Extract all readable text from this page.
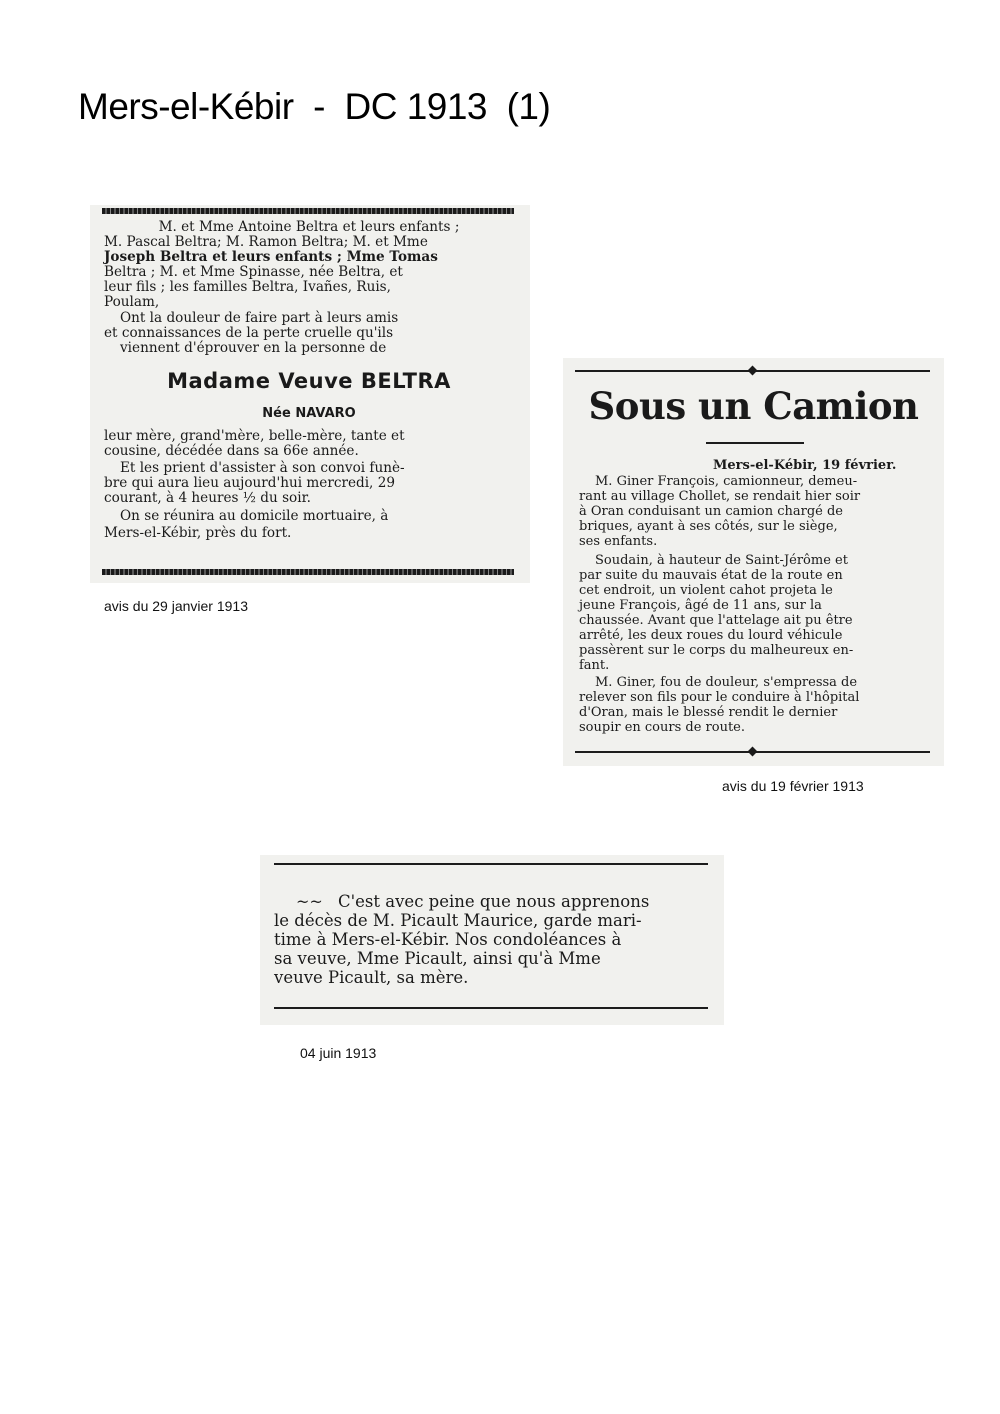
Mers-el-Kébir  -  DC 1913  (1)
M. et Mme Antoine Beltra et leurs enfants ;
M. Pascal Beltra; M. Ramon Beltra; M. et Mme
Joseph Beltra et leurs enfants ; Mme Tomas
Beltra ; M. et Mme Spinasse, née Beltra, et
leur fils ; les familles Beltra, Ivañes, Ruis,
Poulam,
Ont la douleur de faire part à leurs amis
et connaissances de la perte cruelle qu'ils
viennent d'éprouver en la personne de
Madame Veuve BELTRA
Née NAVARO
leur mère, grand'mère, belle-mère, tante et
cousine, décédée dans sa 66e année.
Et les prient d'assister à son convoi funè-
bre qui aura lieu aujourd'hui mercredi, 29
courant, à 4 heures ½ du soir.
On se réunira au domicile mortuaire, à
Mers-el-Kébir, près du fort.
avis du 29 janvier 1913
Sous un Camion
Mers-el-Kébir, 19 février.
M. Giner François, camionneur, demeu-
rant au village Chollet, se rendait hier soir
à Oran conduisant un camion chargé de
briques, ayant à ses côtés, sur le siège,
ses enfants.
Soudain, à hauteur de Saint-Jérôme et
par suite du mauvais état de la route en
cet endroit, un violent cahot projeta le
jeune François, âgé de 11 ans, sur la
chaussée. Avant que l'attelage ait pu être
arrêté, les deux roues du lourd véhicule
passèrent sur le corps du malheureux en-
fant.
M. Giner, fou de douleur, s'empressa de
relever son fils pour le conduire à l'hôpital
d'Oran, mais le blessé rendit le dernier
soupir en cours de route.
avis du 19 février 1913
~~ C'est avec peine que nous apprenons
le décès de M. Picault Maurice, garde mari-
time à Mers-el-Kébir. Nos condoléances à
sa veuve, Mme Picault, ainsi qu'à Mme
veuve Picault, sa mère.
04 juin 1913
